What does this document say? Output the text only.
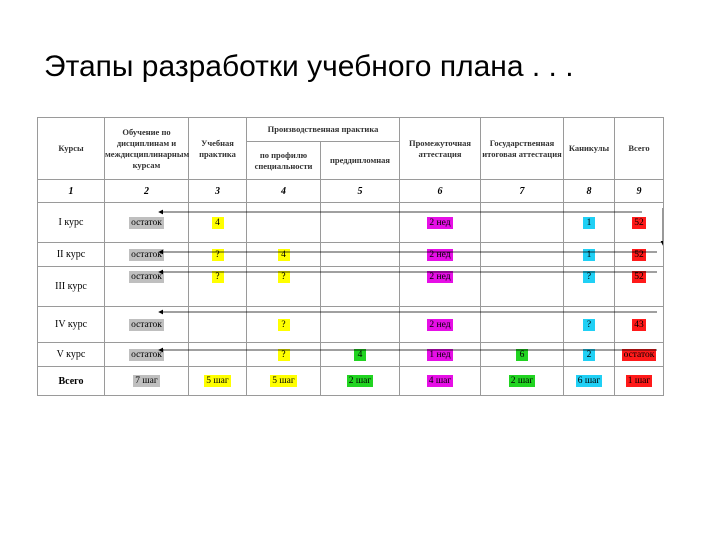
Этапы разработки учебного плана . . .
Курсы	Обучение по дисциплинам и междисциплинарным курсам	Учебная практика	Производственная практика		Промежуточная аттестация	Государственная итоговая аттестация	Каникулы	Всего
			по профилю специальности	преддипломная				
1	2	3	4	5	6	7	8	9
I курс	остаток	4			2 нед		1	52
II курс	остаток	?	4		2 нед		1	52
III курс	остаток	?	?		2 нед		?	52
IV курс	остаток		?		2 нед		?	43
V курс	остаток		?	4	1 нед	6	2	остаток
Всего	7 шаг	5 шаг	5 шаг	2 шаг	4 шаг	2 шаг	6 шаг	1 шаг
